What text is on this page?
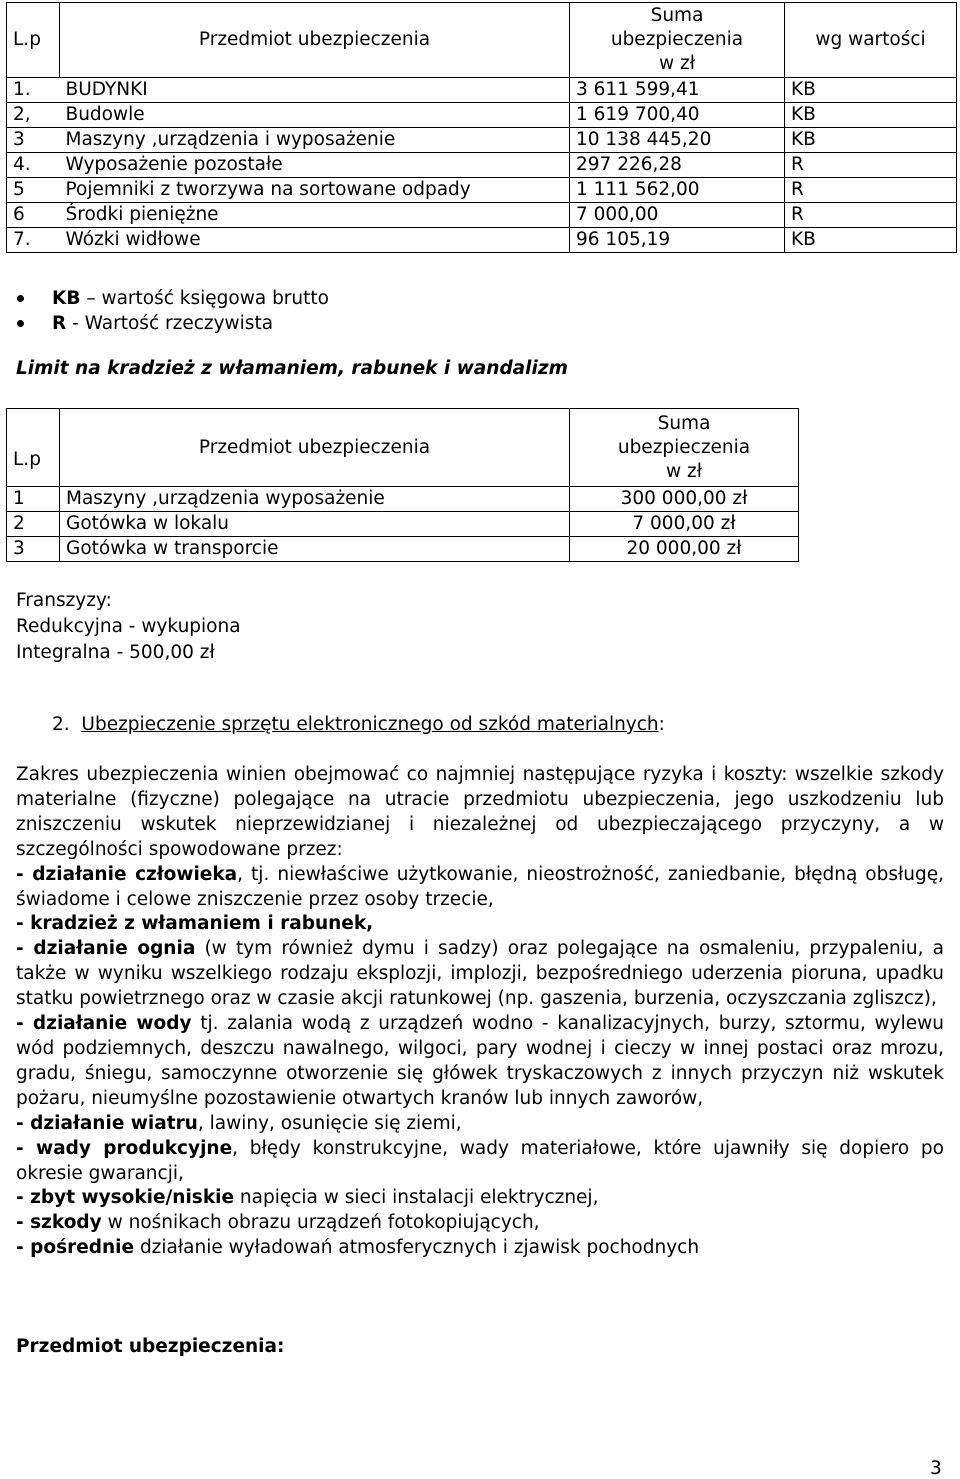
L.p	Przedmiot ubezpieczenia	Suma
ubezpieczenia
w zł	wg wartości
1.	BUDYNKI	3 611 599,41	KB
2,	Budowle	1 619 700,40	KB
3	Maszyny ,urządzenia i wyposażenie	10 138 445,20	KB
4.	Wyposażenie pozostałe	297 226,28	R
5	Pojemniki z tworzywa na sortowane odpady	1 111 562,00	R
6	Środki pieniężne	7 000,00	R
7.	Wózki widłowe	96 105,19	KB
KB – wartość księgowa brutto
R - Wartość rzeczywista
Limit na kradzież z włamaniem, rabunek i wandalizm
L.p	Przedmiot ubezpieczenia	Suma
ubezpieczenia
w zł
1	Maszyny ,urządzenia wyposażenie	300 000,00 zł
2	Gotówka w lokalu	7 000,00 zł
3	Gotówka w transporcie	20 000,00 zł
Franszyzy:
Redukcyjna - wykupiona
Integralna - 500,00 zł
2. Ubezpieczenie sprzętu elektronicznego od szkód materialnych:

Zakres ubezpieczenia winien obejmować co najmniej następujące ryzyka i koszty: wszelkie szkody materialne (fizyczne) polegające na utracie przedmiotu ubezpieczenia, jego uszkodzeniu lub zniszczeniu wskutek nieprzewidzianej i niezależnej od ubezpieczającego przyczyny, a w szczególności spowodowane przez:

- działanie człowieka, tj. niewłaściwe użytkowanie, nieostrożność, zaniedbanie, błędną obsługę, świadome i celowe zniszczenie przez osoby trzecie,

- kradzież z włamaniem i rabunek,

- działanie ognia (w tym również dymu i sadzy) oraz polegające na osmaleniu, przypaleniu, a także w wyniku wszelkiego rodzaju eksplozji, implozji, bezpośredniego uderzenia pioruna, upadku statku powietrznego oraz w czasie akcji ratunkowej (np. gaszenia, burzenia, oczyszczania zgliszcz),

- działanie wody tj. zalania wodą z urządzeń wodno - kanalizacyjnych, burzy, sztormu, wylewu wód podziemnych, deszczu nawalnego, wilgoci, pary wodnej i cieczy w innej postaci oraz mrozu, gradu, śniegu, samoczynne otworzenie się główek tryskaczowych z innych przyczyn niż wskutek pożaru, nieumyślne pozostawienie otwartych kranów lub innych zaworów,

- działanie wiatru, lawiny, osunięcie się ziemi,

- wady produkcyjne, błędy konstrukcyjne, wady materiałowe, które ujawniły się dopiero po okresie gwarancji,

- zbyt wysokie/niskie napięcia w sieci instalacji elektrycznej,

- szkody w nośnikach obrazu urządzeń fotokopiujących,

- pośrednie działanie wyładowań atmosferycznych i zjawisk pochodnych

Przedmiot ubezpieczenia:
3
